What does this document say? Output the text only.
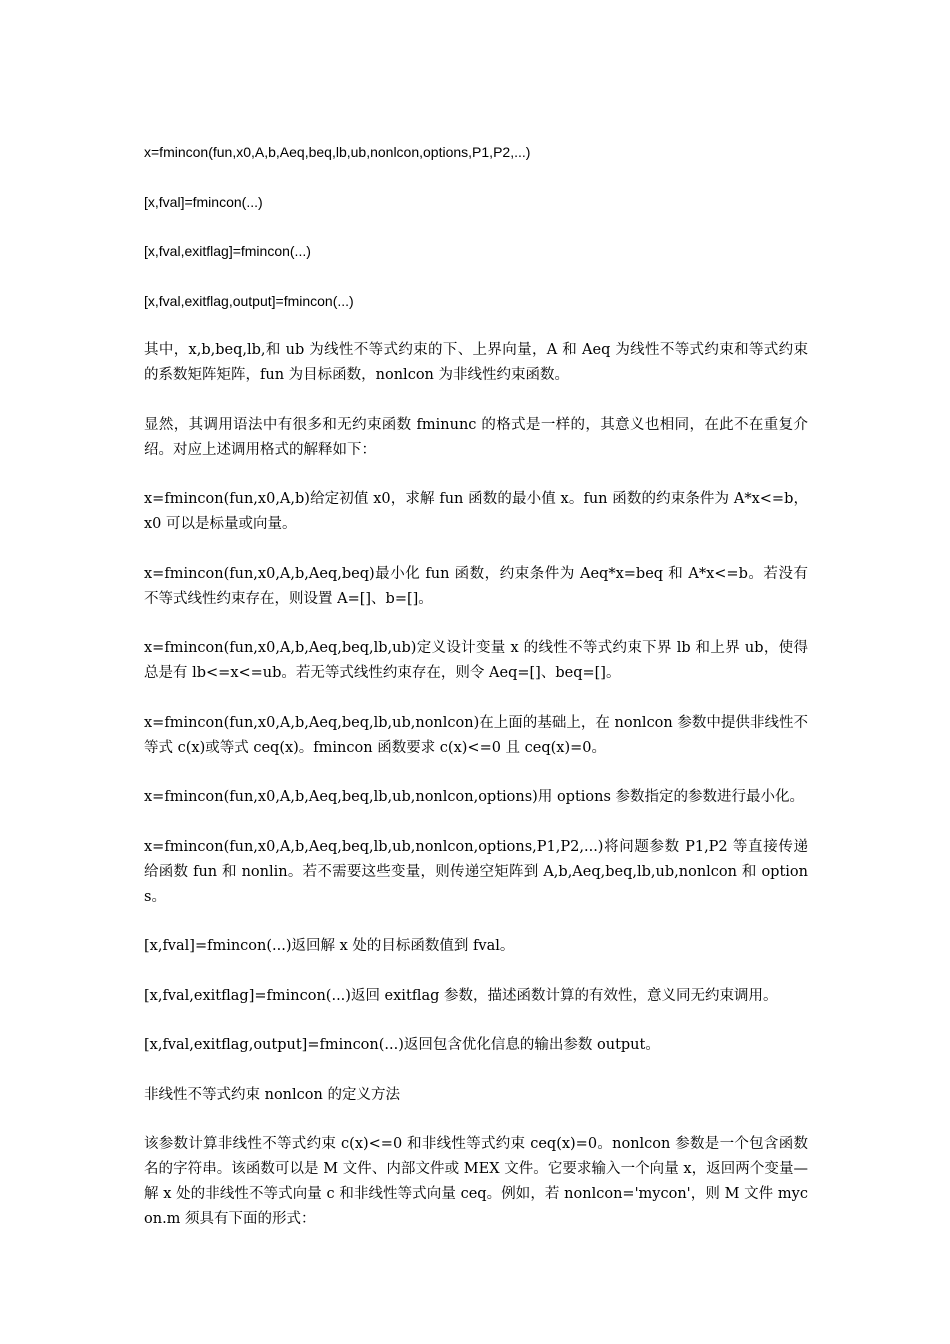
x=fmincon(fun,x0,A,b,Aeq,beq,lb,ub,nonlcon,options,P1,P2,...)

[x,fval]=fmincon(...)

[x,fval,exitflag]=fmincon(...)

[x,fval,exitflag,output]=fmincon(...)

其中，x,b,beq,lb,和 ub 为线性不等式约束的下、上界向量，A 和 Aeq 为线性不等式约束和等式约束的系数矩阵矩阵，fun 为目标函数，nonlcon 为非线性约束函数。

显然，其调用语法中有很多和无约束函数 fminunc 的格式是一样的，其意义也相同，在此不在重复介绍。对应上述调用格式的解释如下：

x=fmincon(fun,x0,A,b)给定初值 x0，求解 fun 函数的最小值 x。fun 函数的约束条件为 A*x<=b，x0 可以是标量或向量。

x=fmincon(fun,x0,A,b,Aeq,beq)最小化 fun 函数，约束条件为 Aeq*x=beq 和 A*x<=b。若没有不等式线性约束存在，则设置 A=[]、b=[]。

x=fmincon(fun,x0,A,b,Aeq,beq,lb,ub)定义设计变量 x 的线性不等式约束下界 lb 和上界 ub，使得总是有 lb<=x<=ub。若无等式线性约束存在，则令 Aeq=[]、beq=[]。

x=fmincon(fun,x0,A,b,Aeq,beq,lb,ub,nonlcon)在上面的基础上，在 nonlcon 参数中提供非线性不等式 c(x)或等式 ceq(x)。fmincon 函数要求 c(x)<=0 且 ceq(x)=0。

x=fmincon(fun,x0,A,b,Aeq,beq,lb,ub,nonlcon,options)用 options 参数指定的参数进行最小化。

x=fmincon(fun,x0,A,b,Aeq,beq,lb,ub,nonlcon,options,P1,P2,...)将问题参数 P1,P2 等直接传递给函数 fun 和 nonlin。若不需要这些变量，则传递空矩阵到 A,b,Aeq,beq,lb,ub,nonlcon 和 options。

[x,fval]=fmincon(...)返回解 x 处的目标函数值到 fval。

[x,fval,exitflag]=fmincon(...)返回 exitflag 参数，描述函数计算的有效性，意义同无约束调用。

[x,fval,exitflag,output]=fmincon(...)返回包含优化信息的输出参数 output。

非线性不等式约束 nonlcon 的定义方法

该参数计算非线性不等式约束 c(x)<=0 和非线性等式约束 ceq(x)=0。nonlcon 参数是一个包含函数名的字符串。该函数可以是 M 文件、内部文件或 MEX 文件。它要求输入一个向量 x，返回两个变量—解 x 处的非线性不等式向量 c 和非线性等式向量 ceq。例如，若 nonlcon='mycon'，则 M 文件 mycon.m 须具有下面的形式：
